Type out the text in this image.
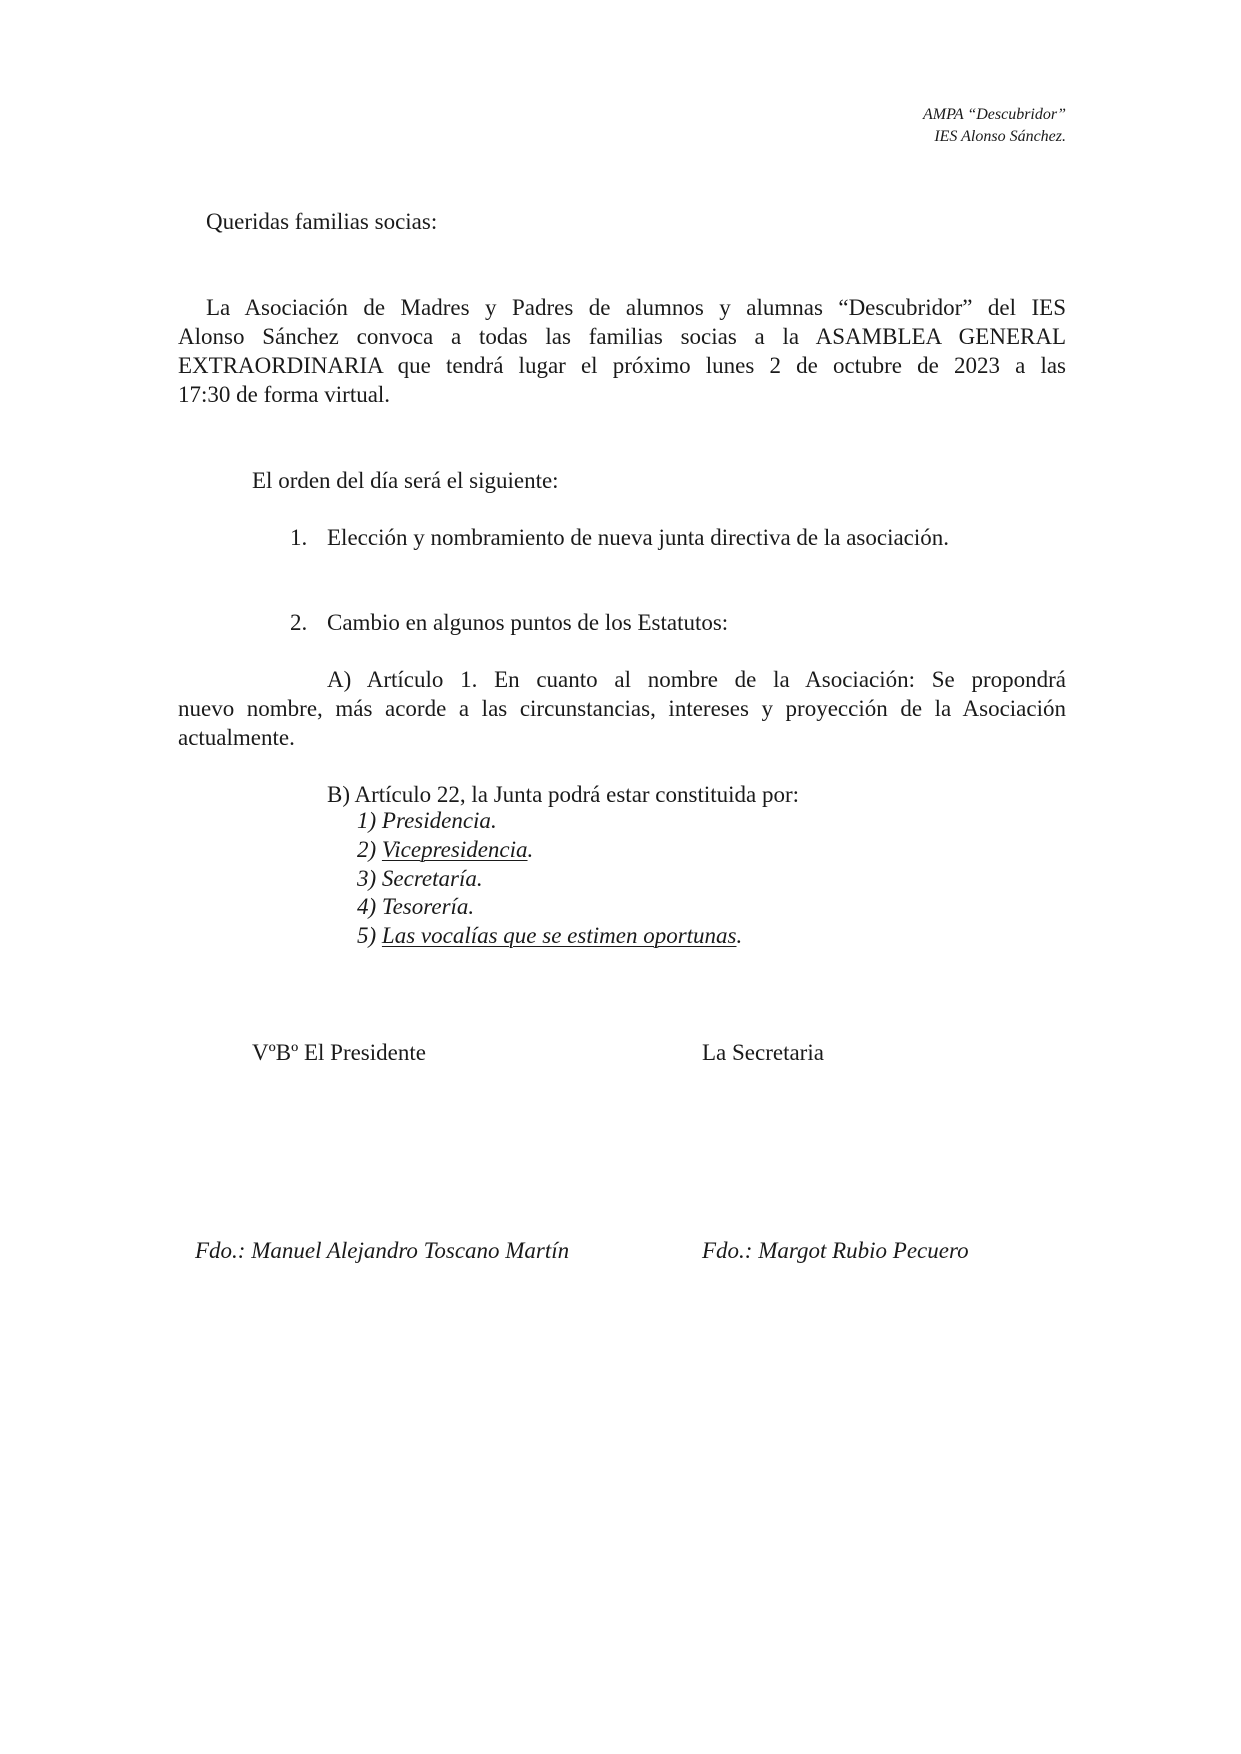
AMPA “Descubridor”
IES Alonso Sánchez.
Queridas familias socias:
La Asociación de Madres y Padres de alumnos y alumnas “Descubridor” del IES
Alonso Sánchez convoca a todas las familias socias a la ASAMBLEA GENERAL
EXTRAORDINARIA que tendrá lugar el próximo lunes 2 de octubre de 2023 a las
17:30 de forma virtual.
El orden del día será el siguiente:
1. Elección y nombramiento de nueva junta directiva de la asociación.
2. Cambio en algunos puntos de los Estatutos:
A) Artículo 1. En cuanto al nombre de la Asociación: Se propondrá
nuevo nombre, más acorde a las circunstancias, intereses y proyección de la Asociación
actualmente.
B) Artículo 22, la Junta podrá estar constituida por:
1) Presidencia.
2) Vicepresidencia.
3) Secretaría.
4) Tesorería.
5) Las vocalías que se estimen oportunas.
VºBº El Presidente	La Secretaria
Fdo.: Manuel Alejandro Toscano Martín	Fdo.: Margot Rubio Pecuero
